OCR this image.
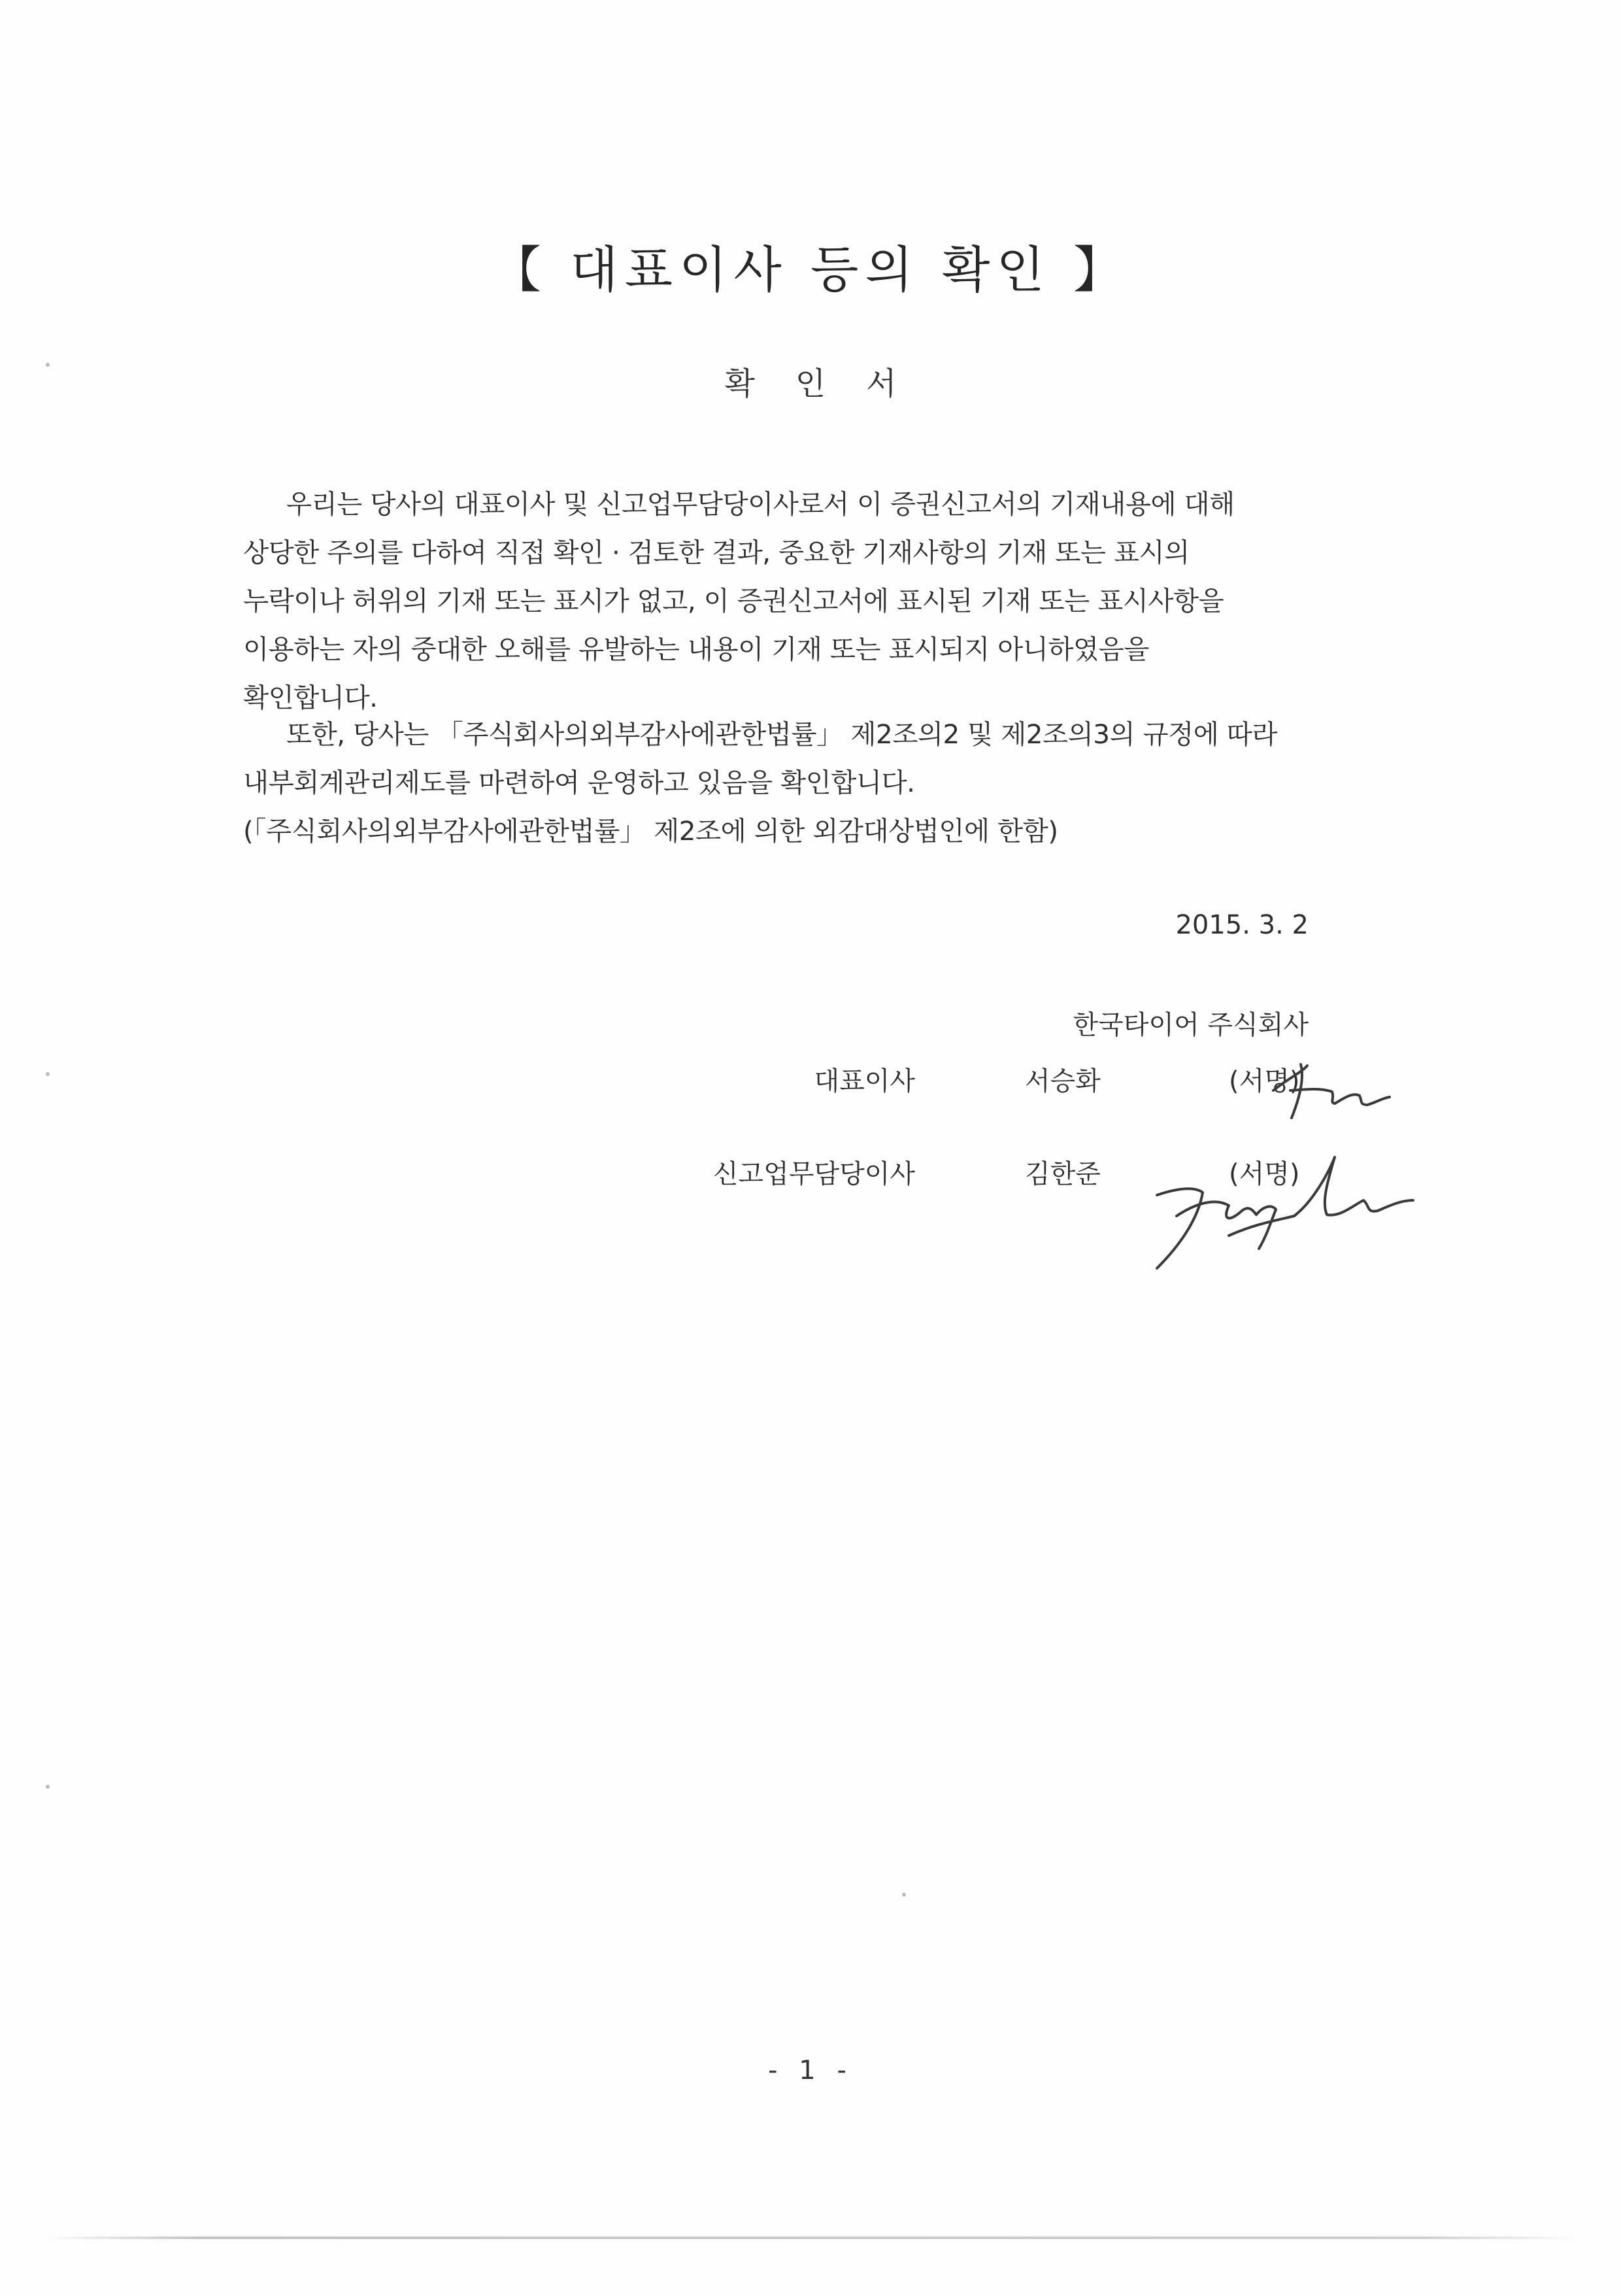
【 대표이사 등의 확인 】
확인서

우리는 당사의 대표이사 및 신고업무담당이사로서 이 증권신고서의 기재내용에 대해 상당한 주의를 다하여 직접 확인 · 검토한 결과, 중요한 기재사항의 기재 또는 표시의 누락이나 허위의 기재 또는 표시가 없고, 이 증권신고서에 표시된 기재 또는 표시사항을 이용하는 자의 중대한 오해를 유발하는 내용이 기재 또는 표시되지 아니하였음을 확인합니다.

또한, 당사는 「주식회사의외부감사에관한법률」 제2조의2 및 제2조의3의 규정에 따라 내부회계관리제도를 마련하여 운영하고 있음을 확인합니다.(「주식회사의외부감사에관한법률」 제2조에 의한 외감대상법인에 한함)

2015. 3. 2
한국타이어 주식회사
대표이사	서승화	(서명)
신고업무담당이사	김한준	(서명)
- 1 -
